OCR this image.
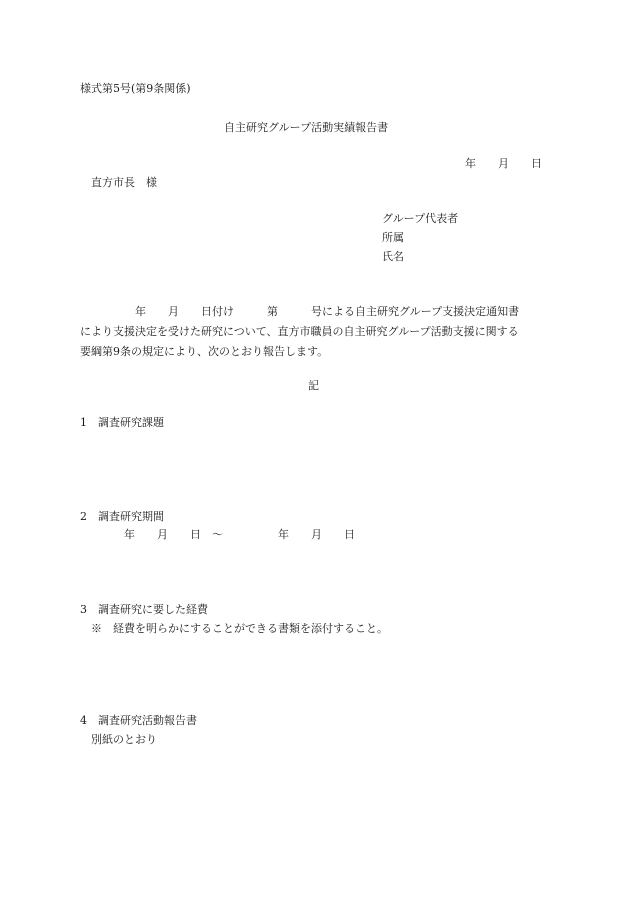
様式第5号(第9条関係)
自主研究グループ活動実績報告書
年　　月　　日
直方市長　様
グループ代表者
所属
氏名
　　　　　年　　月　　日付け　　　第　　　号による自主研究グループ支援決定通知書
により支援決定を受けた研究について、直方市職員の自主研究グループ活動支援に関する
要綱第9条の規定により、次のとおり報告します。
記
1　調査研究課題
2　調査研究期間
　　　　年　　月　　日　～　　　　　年　　月　　日
3　調査研究に要した経費
※　経費を明らかにすることができる書類を添付すること。
4　調査研究活動報告書
別紙のとおり
